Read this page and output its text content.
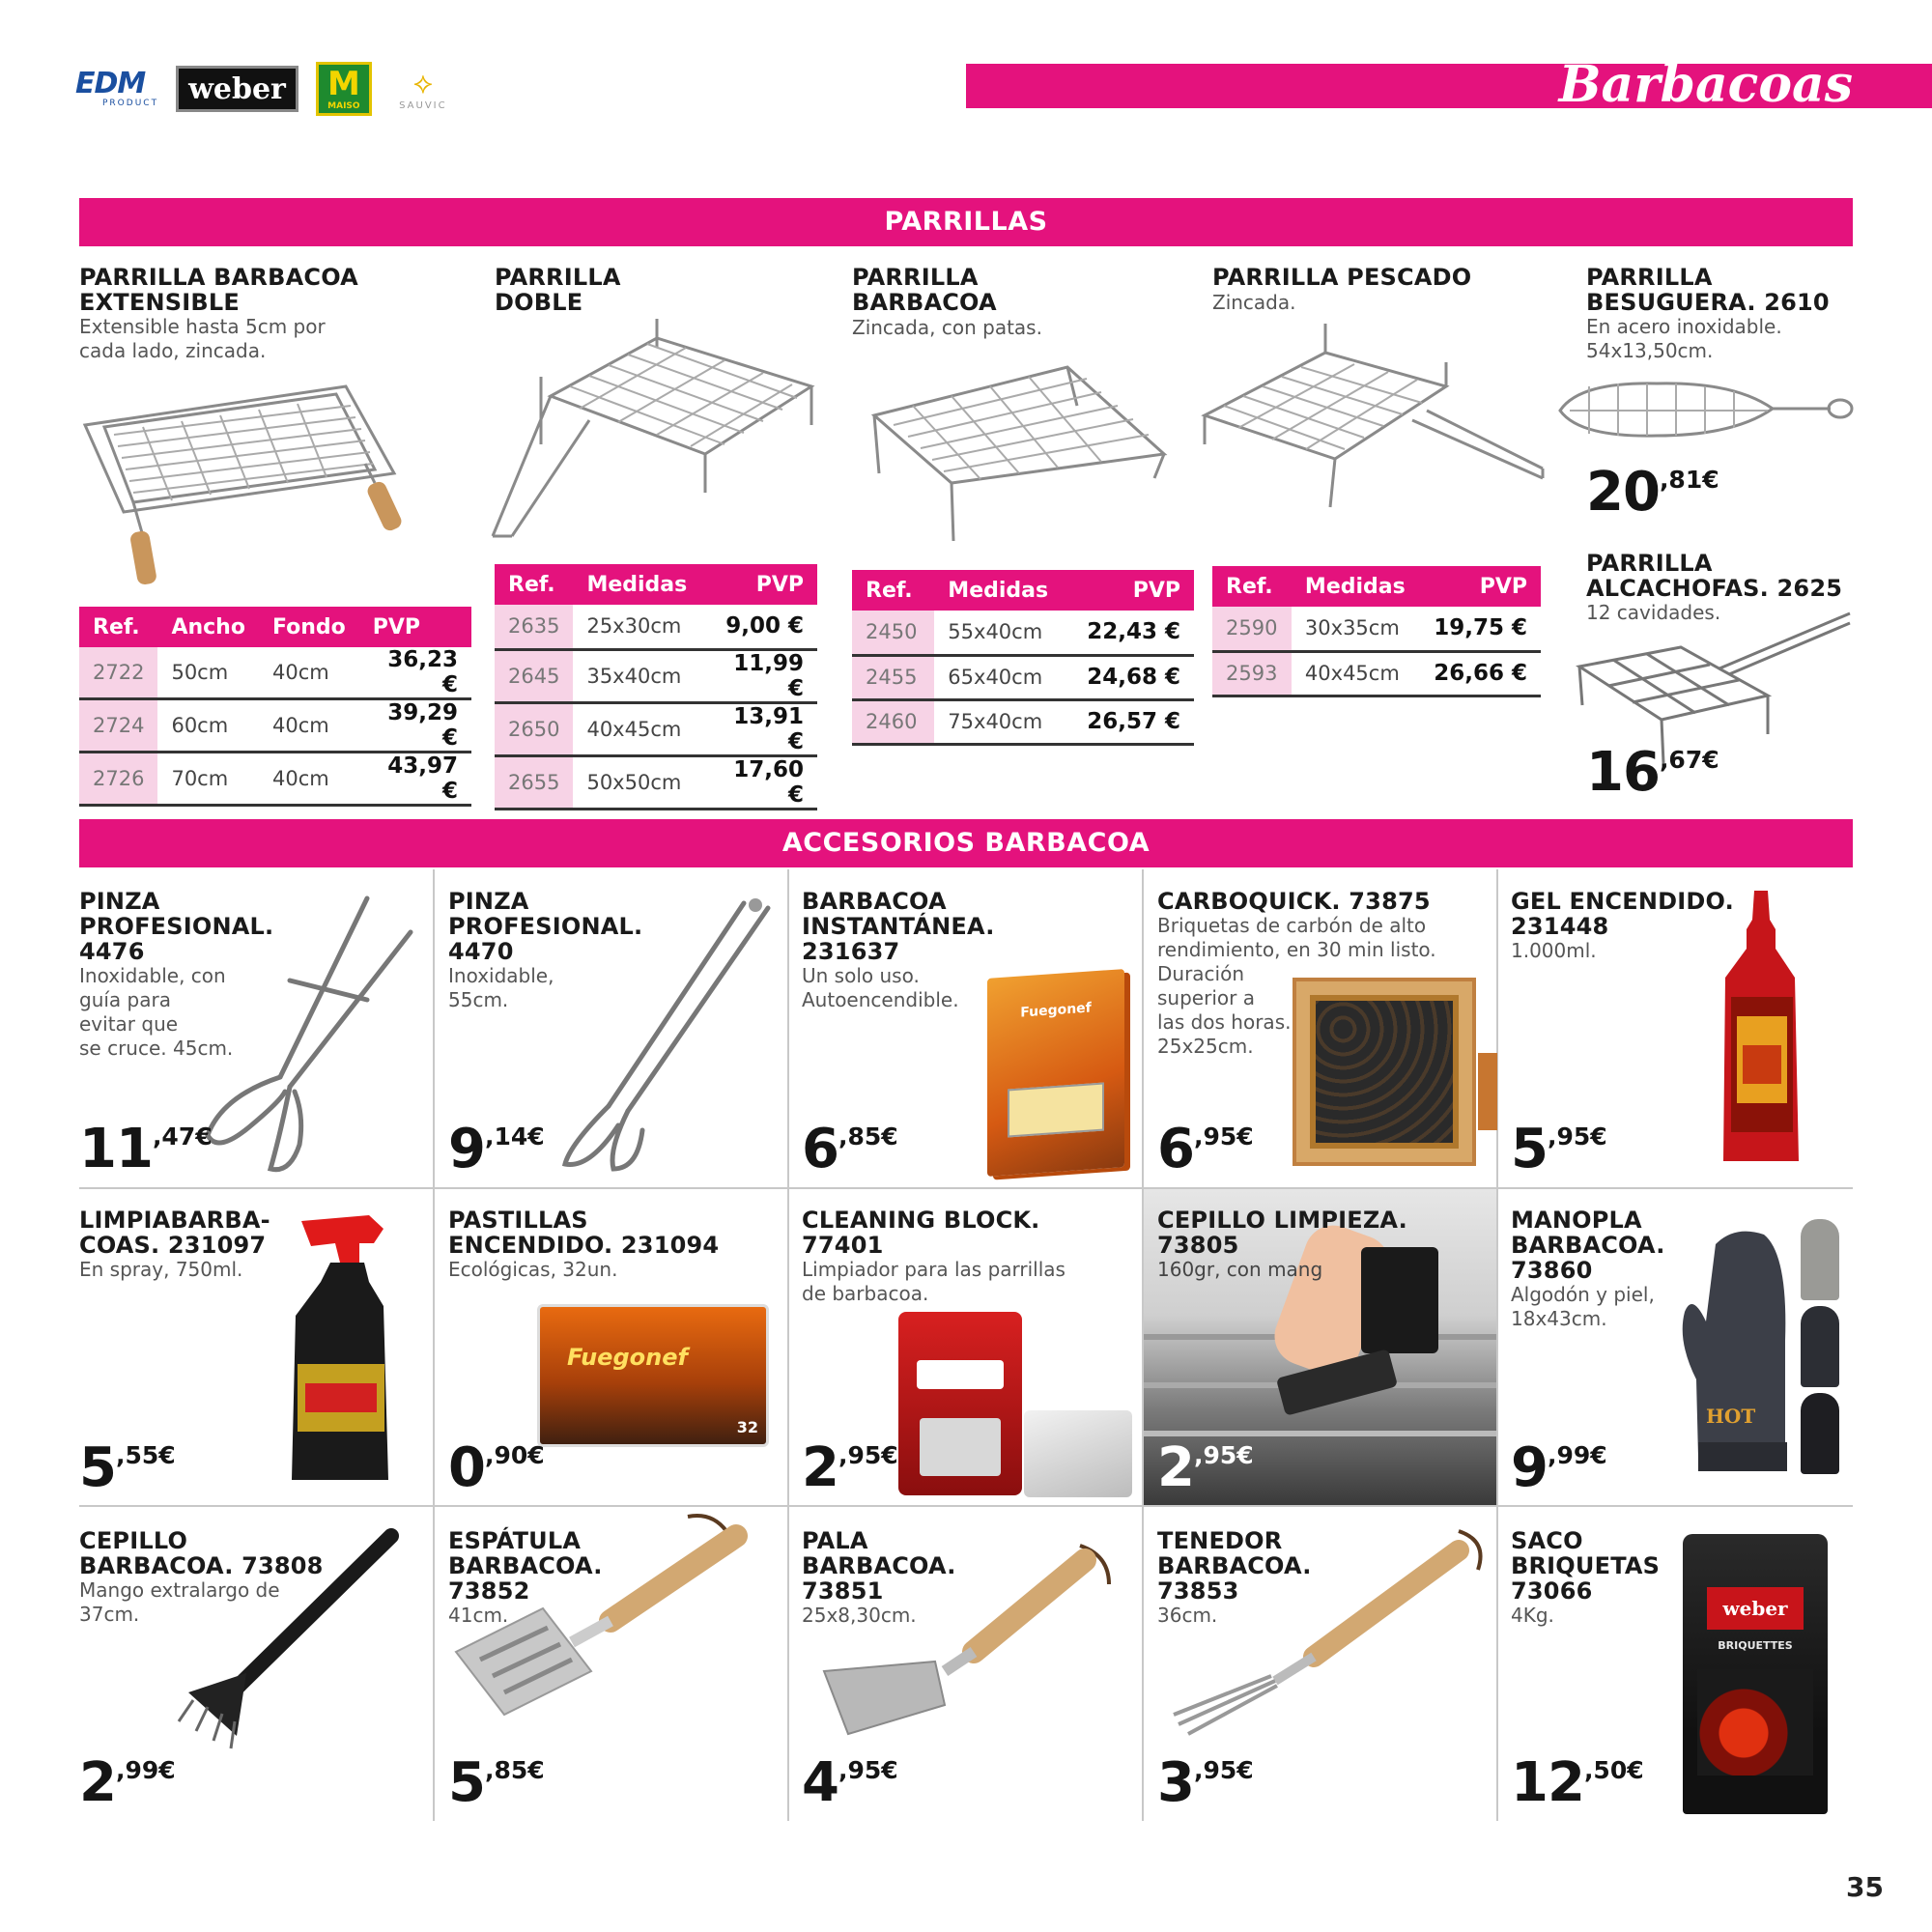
EDM
PRODUCT	weber	M
MAISO
⟡
SAUVIC	Barbacoas
PARRILLAS
PARRILLA BARBACOA
EXTENSIBLE
Extensible hasta 5cm por
cada lado, zincada.
Ref.	Ancho	Fondo	PVP
2722	50cm	40cm	36,23 €
2724	60cm	40cm	39,29 €
2726	70cm	40cm	43,97 €
PARRILLA
DOBLE
Ref.	Medidas	PVP
2635	25x30cm	9,00 €
2645	35x40cm	11,99 €
2650	40x45cm	13,91 €
2655	50x50cm	17,60 €
PARRILLA
BARBACOA
Zincada, con patas.
Ref.	Medidas	PVP
2450	55x40cm	22,43 €
2455	65x40cm	24,68 €
2460	75x40cm	26,57 €
PARRILLA PESCADO
Zincada.
Ref.	Medidas	PVP
2590	30x35cm	19,75 €
2593	40x45cm	26,66 €
PARRILLA
BESUGUERA. 2610
En acero inoxidable.
54x13,50cm.
20,81€
PARRILLA
ALCACHOFAS. 2625
12 cavidades.
16,67€
ACCESORIOS BARBACOA
PINZA
PROFESIONAL.
4476
Inoxidable, con
guía para
evitar que
se cruce. 45cm.
11,47€
PINZA
PROFESIONAL.
4470
Inoxidable,
55cm.
9,14€
BARBACOA
INSTANTÁNEA.
231637
Un solo uso.
Autoencendible.	Fuegonef
6,85€
CARBOQUICK. 73875
Briquetas de carbón de alto
rendimiento, en 30 min listo.
Duración
superior a
las dos horas.
25x25cm.
6,95€
GEL ENCENDIDO.
231448
1.000ml.
5,95€
LIMPIABARBA-
COAS. 231097
En spray, 750ml.
5,55€
PASTILLAS
ENCENDIDO. 231094
Ecológicas, 32un.
Fuegonef
32
0,90€
CLEANING BLOCK.
77401
Limpiador para las parrillas
de barbacoa.
2,95€
CEPILLO LIMPIEZA.
73805
160gr, con mang
2,95€
MANOPLA
BARBACOA.
73860
Algodón y piel,
18x43cm.
HOT
9,99€
CEPILLO
BARBACOA. 73808
Mango extralargo de
37cm.
2,99€
ESPÁTULA
BARBACOA.
73852
41cm.
5,85€
PALA
BARBACOA.
73851
25x8,30cm.
4,95€
TENEDOR
BARBACOA.
73853
36cm.
3,95€
SACO
BRIQUETAS
73066
4Kg.	weber
BRIQUETTES
12,50€
35
